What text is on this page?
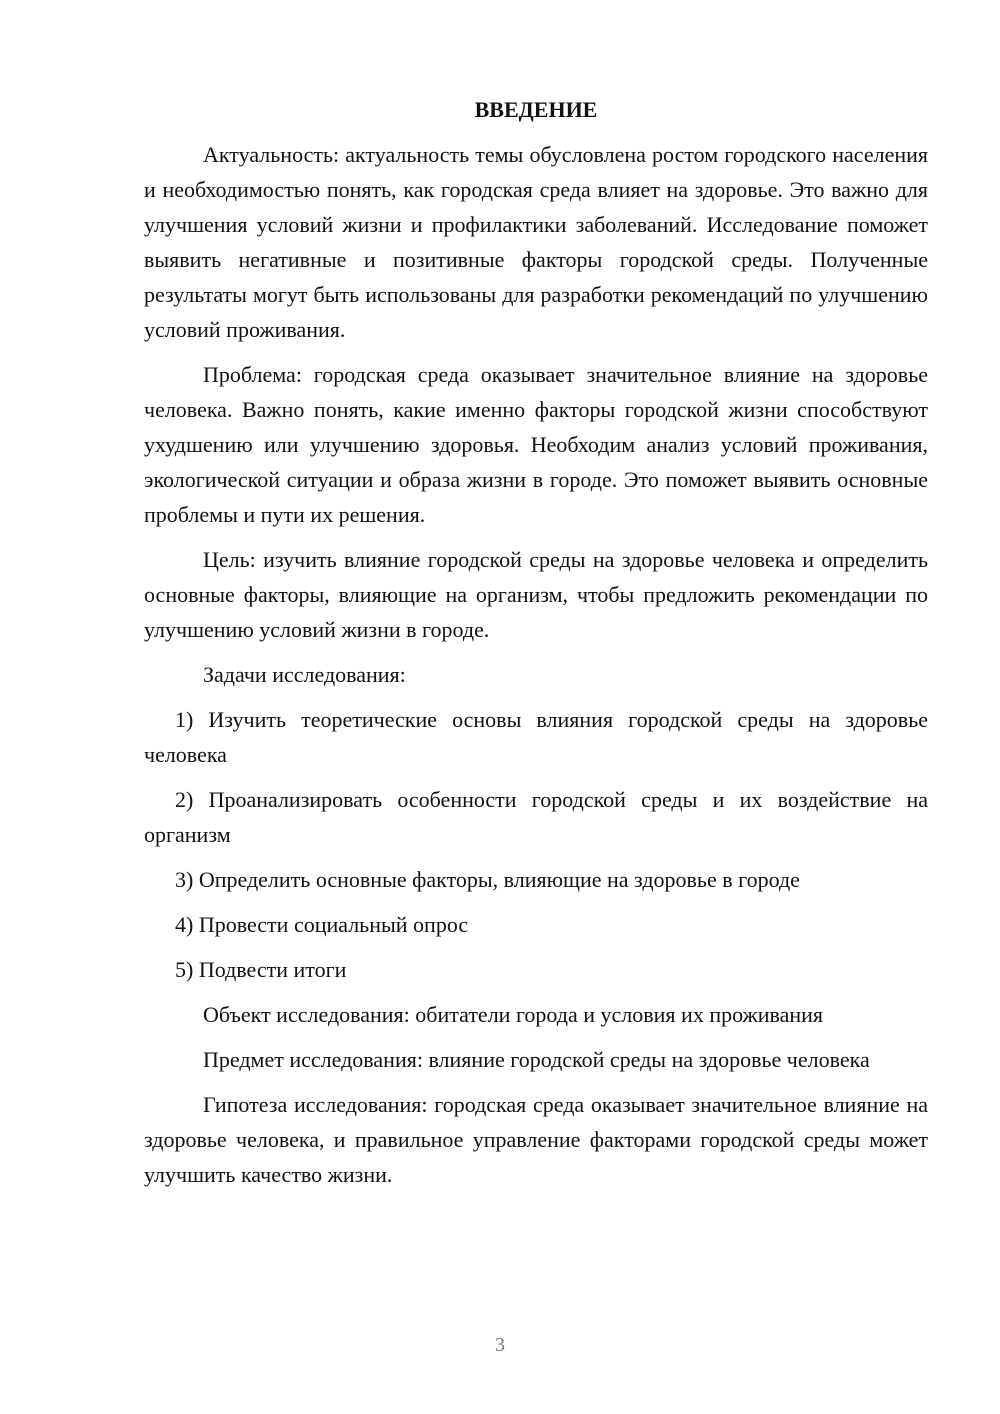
ВВЕДЕНИЕ

Актуальность: актуальность темы обусловлена ростом городского населения и необходимостью понять, как городская среда влияет на здоровье. Это важно для улучшения условий жизни и профилактики заболеваний. Исследование поможет выявить негативные и позитивные факторы городской среды. Полученные результаты могут быть использованы для разработки рекомендаций по улучшению условий проживания.

Проблема: городская среда оказывает значительное влияние на здоровье человека. Важно понять, какие именно факторы городской жизни способствуют ухудшению или улучшению здоровья. Необходим анализ условий проживания, экологической ситуации и образа жизни в городе. Это поможет выявить основные проблемы и пути их решения.

Цель: изучить влияние городской среды на здоровье человека и определить основные факторы, влияющие на организм, чтобы предложить рекомендации по улучшению условий жизни в городе.

Задачи исследования:

1) Изучить теоретические основы влияния городской среды на здоровье человека

2) Проанализировать особенности городской среды и их воздействие на организм

3) Определить основные факторы, влияющие на здоровье в городе

4) Провести социальный опрос

5) Подвести итоги

Объект исследования: обитатели города и условия их проживания

Предмет исследования: влияние городской среды на здоровье человека

Гипотеза исследования: городская среда оказывает значительное влияние на здоровье человека, и правильное управление факторами городской среды может улучшить качество жизни.

3
